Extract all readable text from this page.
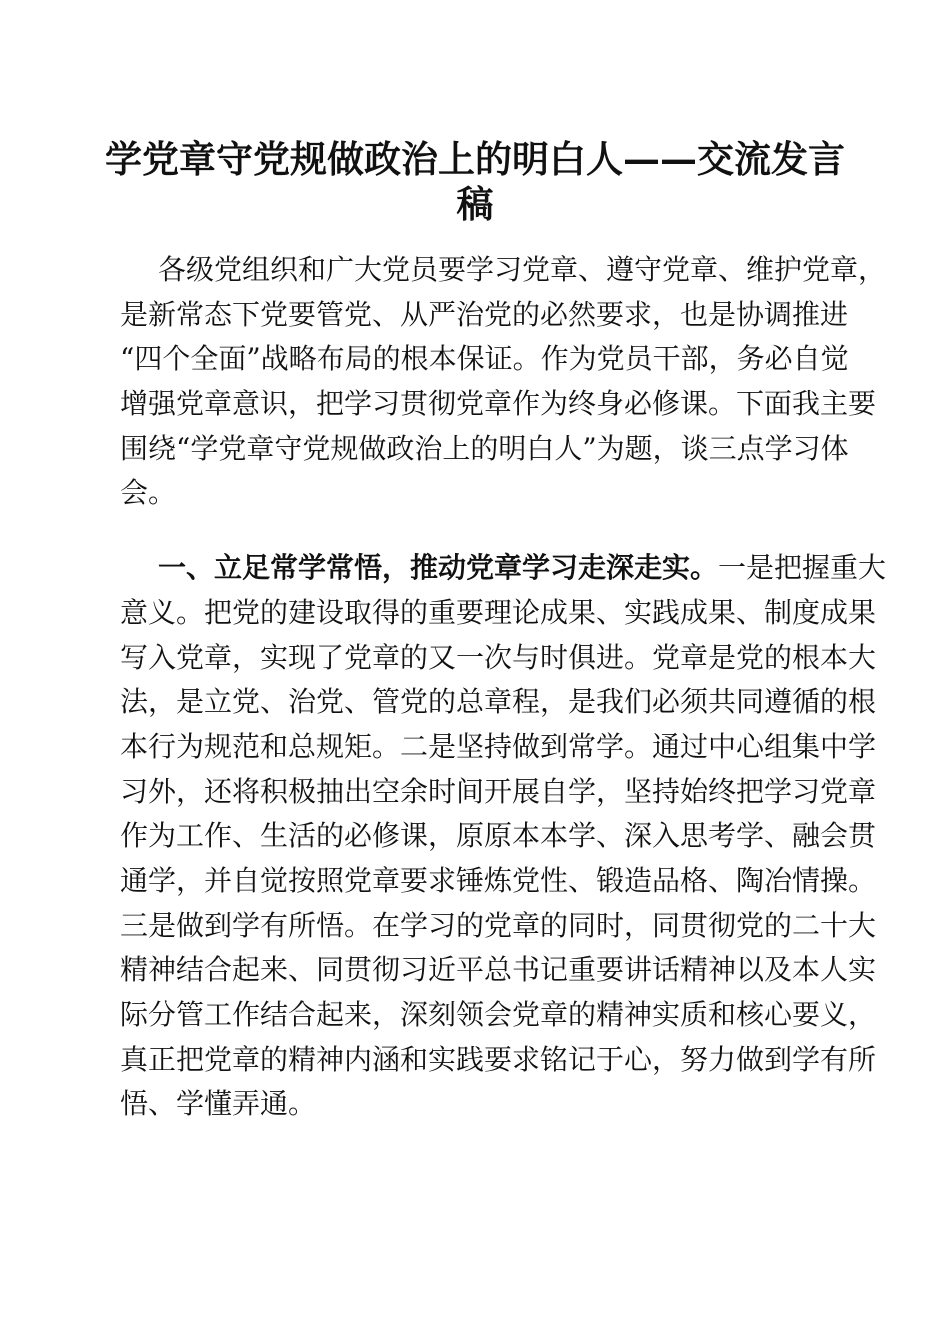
学党章守党规做政治上的明白人——交流发言
稿
各级党组织和广大党员要学习党章、遵守党章、维护党章，
是新常态下党要管党、从严治党的必然要求，也是协调推进
“四个全面”战略布局的根本保证。作为党员干部，务必自觉
增强党章意识，把学习贯彻党章作为终身必修课。下面我主要
围绕“学党章守党规做政治上的明白人”为题，谈三点学习体
会。
一、立足常学常悟，推动党章学习走深走实。一是把握重大
意义。把党的建设取得的重要理论成果、实践成果、制度成果
写入党章，实现了党章的又一次与时俱进。党章是党的根本大
法，是立党、治党、管党的总章程，是我们必须共同遵循的根
本行为规范和总规矩。二是坚持做到常学。通过中心组集中学
习外，还将积极抽出空余时间开展自学，坚持始终把学习党章
作为工作、生活的必修课，原原本本学、深入思考学、融会贯
通学，并自觉按照党章要求锤炼党性、锻造品格、陶冶情操。
三是做到学有所悟。在学习的党章的同时，同贯彻党的二十大
精神结合起来、同贯彻习近平总书记重要讲话精神以及本人实
际分管工作结合起来，深刻领会党章的精神实质和核心要义，
真正把党章的精神内涵和实践要求铭记于心，努力做到学有所
悟、学懂弄通。
